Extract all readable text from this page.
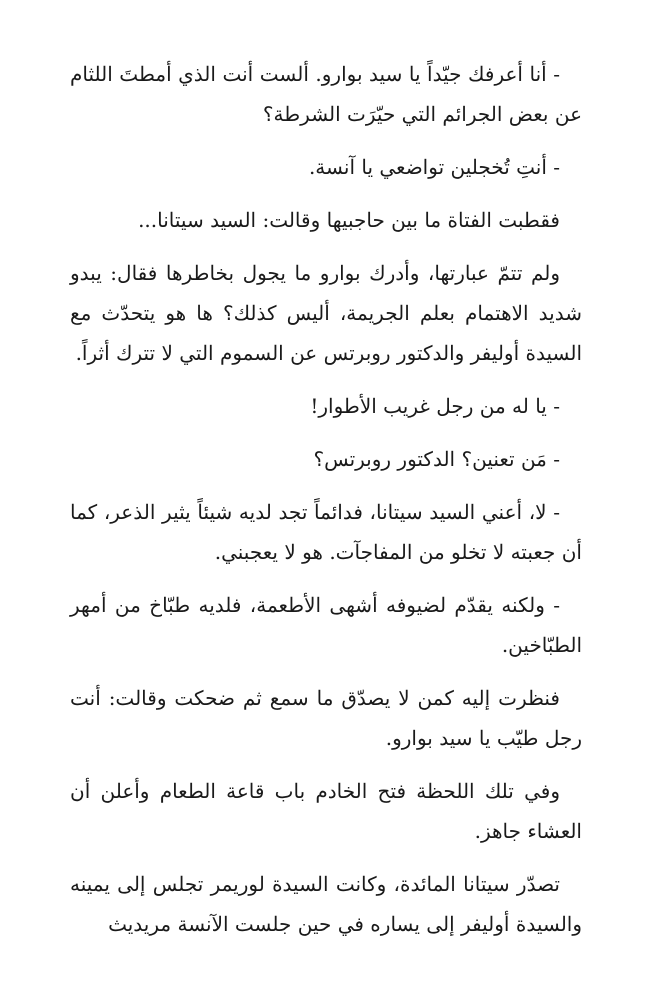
- أنا أعرفك جيّداً يا سيد بوارو. ألست أنت الذي أمطتَ اللثام عن بعض الجرائم التي حيّرَت الشرطة؟

- أنتِ تُخجلين تواضعي يا آنسة.

فقطبت الفتاة ما بين حاجبيها وقالت: السيد سيتانا...

ولم تتمّ عبارتها، وأدرك بوارو ما يجول بخاطرها فقال: يبدو شديد الاهتمام بعلم الجريمة، أليس كذلك؟ ها هو يتحدّث مع السيدة أوليفر والدكتور روبرتس عن السموم التي لا تترك أثراً.

- يا له من رجل غريب الأطوار!

- مَن تعنين؟ الدكتور روبرتس؟

- لا، أعني السيد سيتانا، فدائماً تجد لديه شيئاً يثير الذعر، كما أن جعبته لا تخلو من المفاجآت. هو لا يعجبني.

- ولكنه يقدّم لضيوفه أشهى الأطعمة، فلديه طبّاخ من أمهر الطبّاخين.

فنظرت إليه كمن لا يصدّق ما سمع ثم ضحكت وقالت: أنت رجل طيّب يا سيد بوارو.

وفي تلك اللحظة فتح الخادم باب قاعة الطعام وأعلن أن العشاء جاهز.

تصدّر سيتانا المائدة، وكانت السيدة لوريمر تجلس إلى يمينه والسيدة أوليفر إلى يساره في حين جلست الآنسة مريديث
